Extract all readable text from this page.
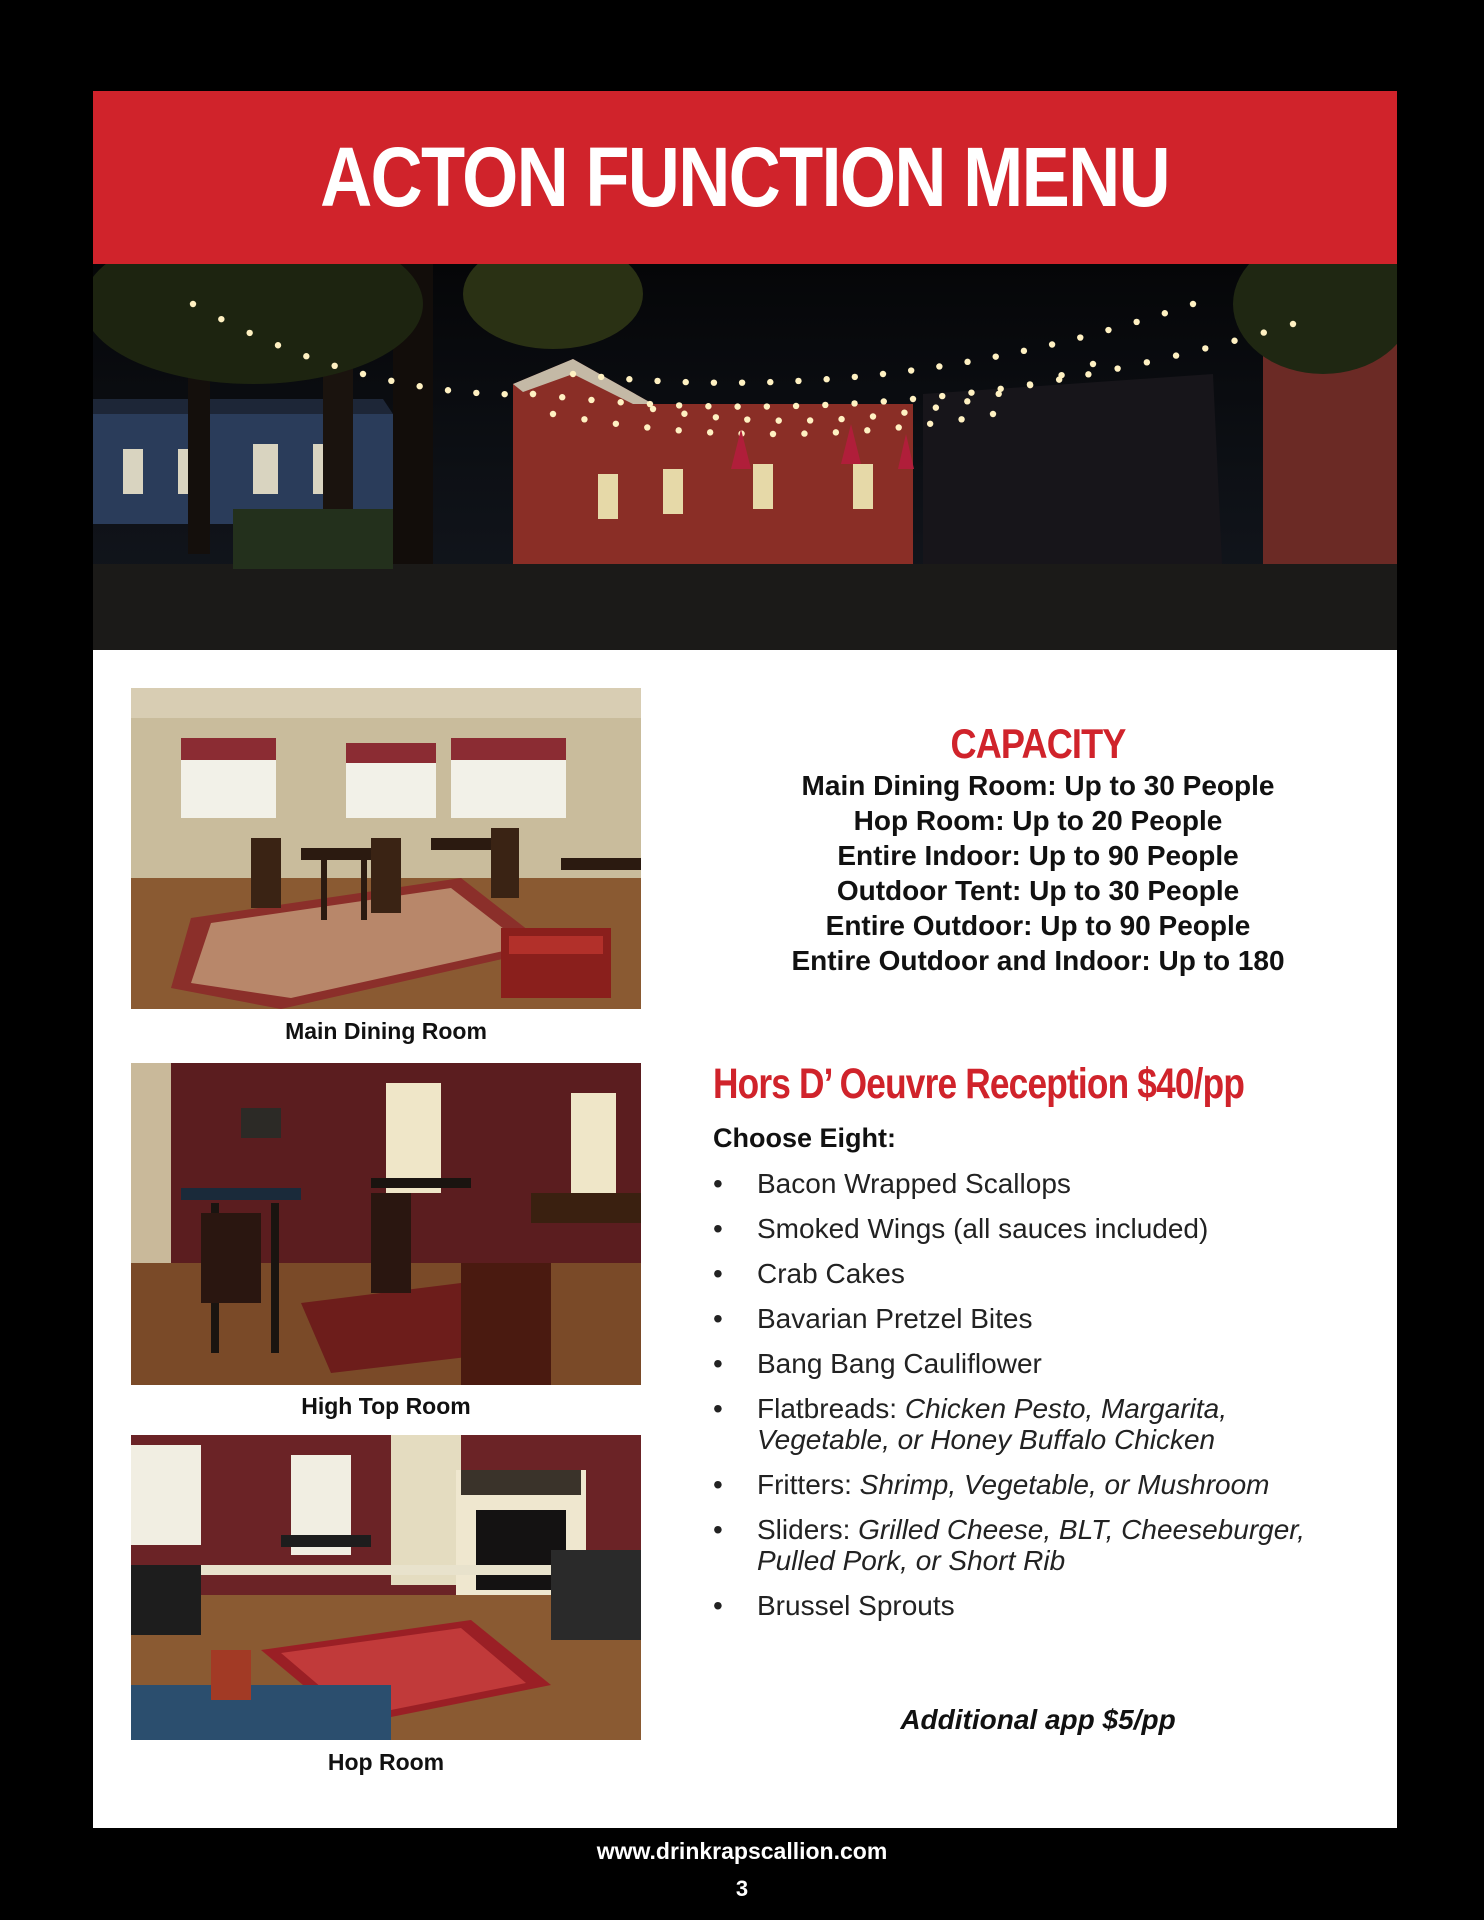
ACTON FUNCTION MENU
Main Dining Room
High Top Room
Hop Room
CAPACITY
Main Dining Room: Up to 30 People
Hop Room: Up to 20 People
Entire Indoor: Up to 90 People
Outdoor Tent: Up to 30 People
Entire Outdoor: Up to 90 People
Entire Outdoor and Indoor: Up to 180
Hors D’ Oeuvre Reception $40/pp
Choose Eight:
• Bacon Wrapped Scallops
• Smoked Wings (all sauces included)
• Crab Cakes
• Bavarian Pretzel Bites
• Bang Bang Cauliflower
• Flatbreads: Chicken Pesto, Margarita, Vegetable, or Honey Buffalo Chicken
• Fritters: Shrimp, Vegetable, or Mushroom
• Sliders: Grilled Cheese, BLT, Cheeseburger, Pulled Pork, or Short Rib
• Brussel Sprouts
Additional app $5/pp
www.drinkrapscallion.com
3
